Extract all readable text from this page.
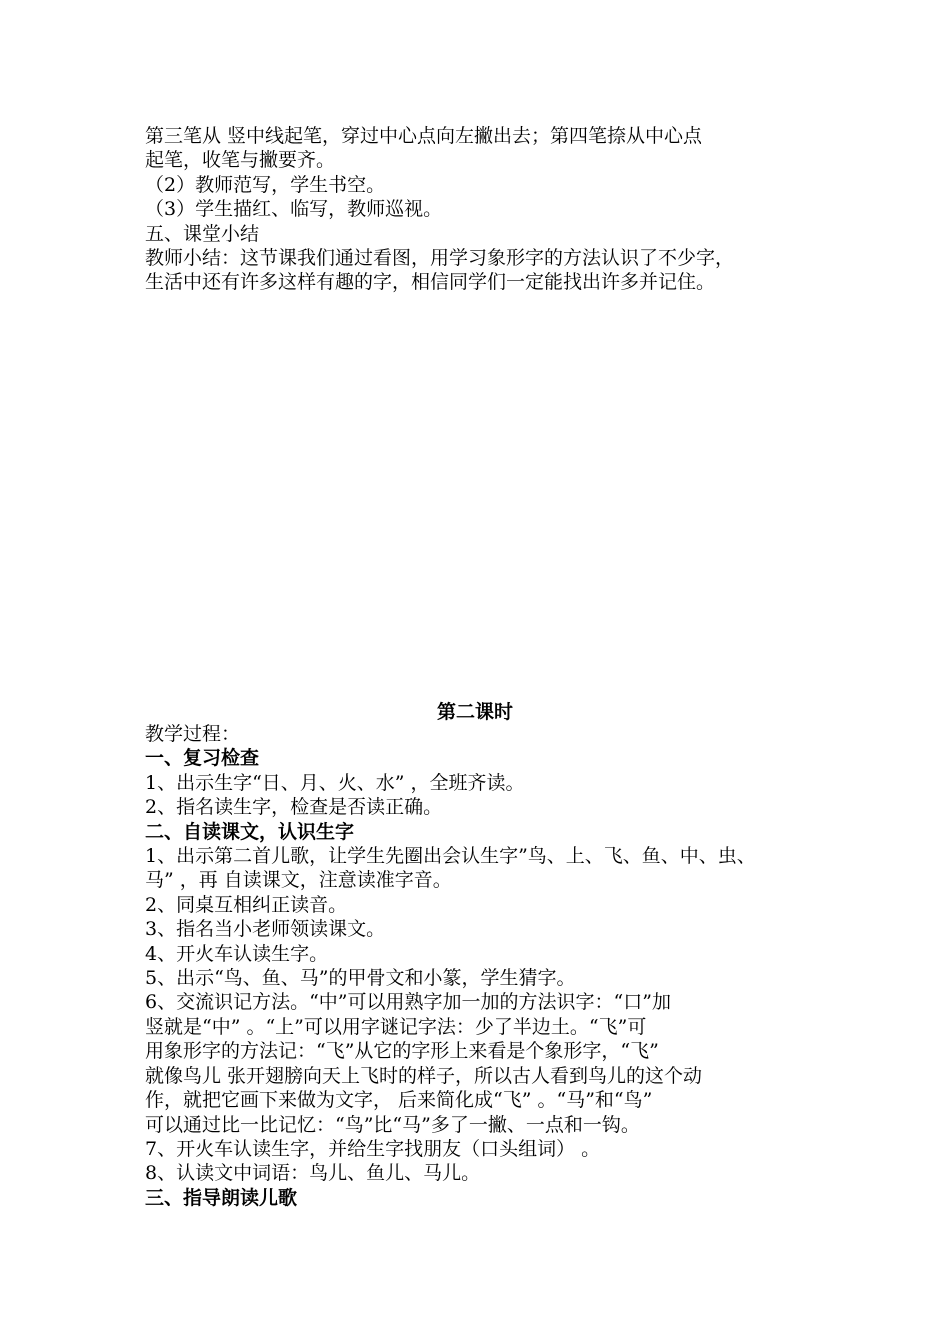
第三笔从 竖中线起笔，穿过中心点向左撇出去；第四笔捺从中心点
起笔，收笔与撇要齐。
（2）教师范写，学生书空。
（3）学生描红、临写，教师巡视。
五、课堂小结
教师小结：这节课我们通过看图，用学习象形字的方法认识了不少字，
生活中还有许多这样有趣的字，相信同学们一定能找出许多并记住。
第二课时
教学过程：
一、复习检查
1、出示生字“日、月、火、水” ，全班齐读。
2、指名读生字，检查是否读正确。
二、自读课文，认识生字
1、出示第二首儿歌，让学生先圈出会认生字”鸟、上、飞、鱼、中、虫、
马” ，再 自读课文，注意读准字音。
2、同桌互相纠正读音。
3、指名当小老师领读课文。
4、开火车认读生字。
5、出示“鸟、鱼、马”的甲骨文和小篆，学生猜字。
6、交流识记方法。“中”可以用熟字加一加的方法识字：“口”加
竖就是“中” 。“上”可以用字谜记字法：少了半边土。“飞”可
用象形字的方法记：“飞”从它的字形上来看是个象形字，“飞”
就像鸟儿 张开翅膀向天上飞时的样子，所以古人看到鸟儿的这个动
作，就把它画下来做为文字， 后来简化成“飞” 。“马”和“鸟”
可以通过比一比记忆：“鸟”比“马”多了一撇、一点和一钩。
7、开火车认读生字，并给生字找朋友（口头组词） 。
8、认读文中词语：鸟儿、鱼儿、马儿。
三、指导朗读儿歌
